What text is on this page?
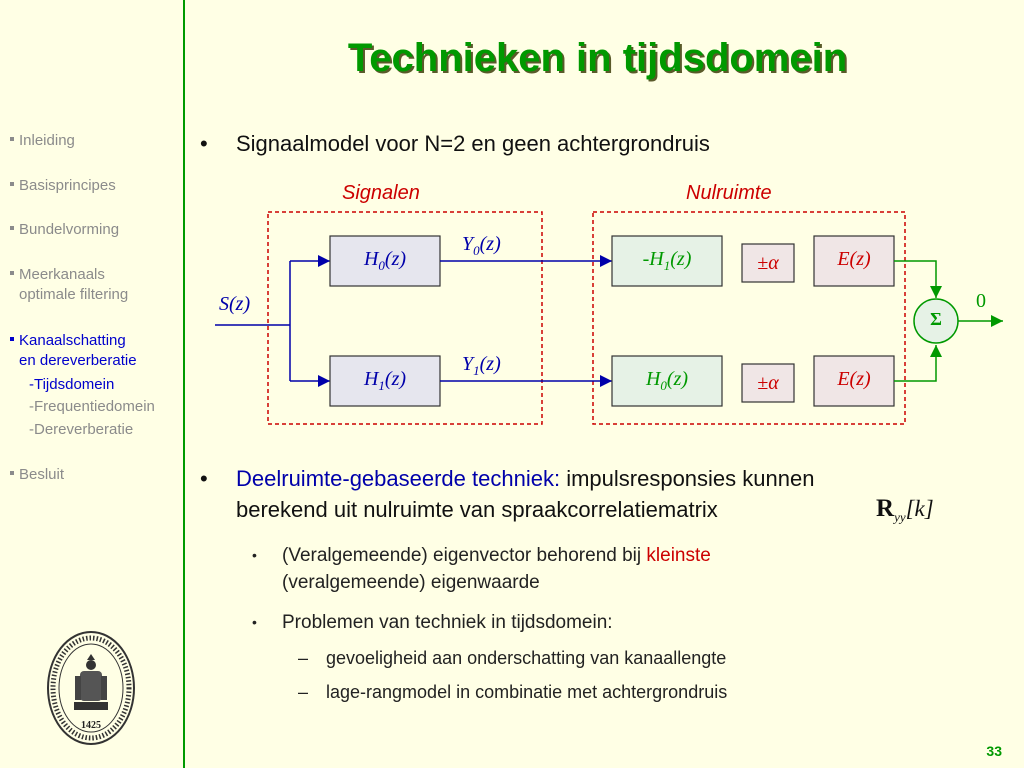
Technieken in tijdsdomein
Inleiding
Basisprincipes
Bundelvorming
Meerkanaals
optimale filtering
Kanaalschatting
en dereverberatie
-Tijdsdomein
-Frequentiedomein
-Dereverberatie
Besluit
• Signaalmodel voor N=2 en geen achtergrondruis
Signalen	Nulruimte
S(z)
$H_0(z)$
$H_1(z)$
$Y_0(z)$
$Y_1(z)$
$-H_1(z)$
$H_0(z)$
±α
±α
E(z)
E(z)
Σ
0
• Deelruimte-gebaseerde techniek: impulsresponsies kunnen
berekend uit nulruimte van spraakcorrelatiematrix	$R_{yy}[k]$
• (Veralgemeende) eigenvector behorend bij kleinste
(veralgemeende) eigenwaarde
• Problemen van techniek in tijdsdomein:
– gevoeligheid aan onderschatting van kanaallengte
– lage-rangmodel in combinatie met achtergrondruis
1425
33
